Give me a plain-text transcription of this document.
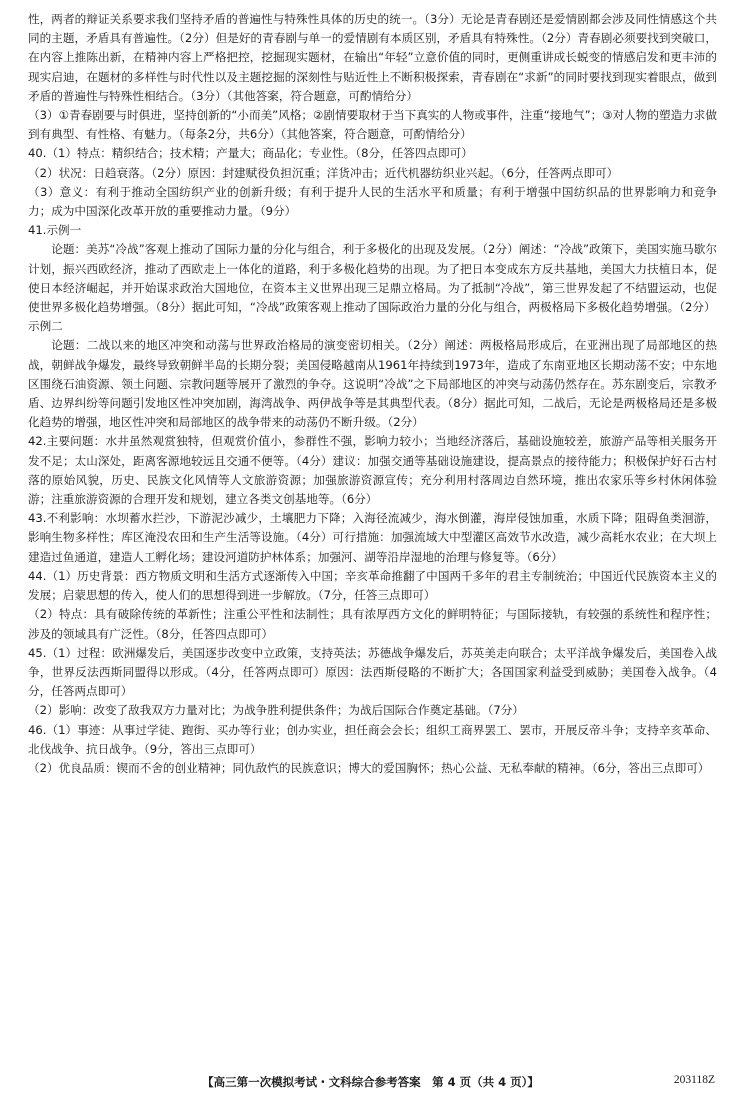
性，两者的辩证关系要求我们坚持矛盾的普遍性与特殊性具体的历史的统一。（3分）无论是青春剧还是爱情剧都会涉及同性情感这个共同的主题，矛盾具有普遍性。（2分）但是好的青春剧与单一的爱情剧有本质区别，矛盾具有特殊性。（2分）青春剧必须要找到突破口，在内容上推陈出新，在精神内容上严格把控，挖掘现实题材，在输出“年轻”立意价值的同时，更侧重讲成长蜕变的情感启发和更丰沛的现实启迪，在题材的多样性与时代性以及主题挖掘的深刻性与贴近性上不断积极探索，青春剧在“求新”的同时要找到现实着眼点，做到矛盾的普遍性与特殊性相结合。（3分）（其他答案，符合题意，可酌情给分）

（3）①青春剧要与时俱进，坚持创新的“小而美”风格；②剧情要取材于当下真实的人物或事件，注重“接地气”；③对人物的塑造力求做到有典型、有性格、有魅力。（每条2分，共6分）（其他答案，符合题意，可酌情给分）

40.（1）特点：精织结合；技术精；产量大；商品化；专业性。（8分，任答四点即可）

（2）状况：日趋衰落。（2分）原因：封建赋役负担沉重；洋货冲击；近代机器纺织业兴起。（6分，任答两点即可）

（3）意义：有利于推动全国纺织产业的创新升级；有利于提升人民的生活水平和质量；有利于增强中国纺织品的世界影响力和竞争力；成为中国深化改革开放的重要推动力量。（9分）

41.示例一

论题：美苏“冷战”客观上推动了国际力量的分化与组合，利于多极化的出现及发展。（2分）阐述：“冷战”政策下，美国实施马歇尔计划，振兴西欧经济，推动了西欧走上一体化的道路，利于多极化趋势的出现。为了把日本变成东方反共基地，美国大力扶植日本，促使日本经济崛起，并开始谋求政治大国地位，在资本主义世界出现三足鼎立格局。为了抵制“冷战”，第三世界发起了不结盟运动，也促使世界多极化趋势增强。（8分）据此可知，“冷战”政策客观上推动了国际政治力量的分化与组合，两极格局下多极化趋势增强。（2分）

示例二

论题：二战以来的地区冲突和动荡与世界政治格局的演变密切相关。（2分）阐述：两极格局形成后，在亚洲出现了局部地区的热战，朝鲜战争爆发，最终导致朝鲜半岛的长期分裂；美国侵略越南从1961年持续到1973年，造成了东南亚地区长期动荡不安；中东地区围绕石油资源、领土问题、宗教问题等展开了激烈的争夺。这说明“冷战”之下局部地区的冲突与动荡仍然存在。苏东剧变后，宗教矛盾、边界纠纷等问题引发地区性冲突加剧，海湾战争、两伊战争等是其典型代表。（8分）据此可知，二战后，无论是两极格局还是多极化趋势的增强，地区性冲突和局部地区的战争带来的动荡仍不断升级。（2分）

42.主要问题：水井虽然观赏独特，但观赏价值小，参群性不强，影响力较小；当地经济落后，基础设施较差，旅游产品等相关服务开发不足；太山深处，距离客源地较远且交通不便等。（4分）建议：加强交通等基础设施建设，提高景点的接待能力；积极保护好石古村落的原始风貌，历史、民族文化风情等人文旅游资源；加强旅游资源宣传；充分利用村落周边自然环境，推出农家乐等乡村休闲体验游；注重旅游资源的合理开发和规划，建立各类文创基地等。（6分）

43.不利影响：水坝蓄水拦沙，下游泥沙减少，土壤肥力下降；入海径流减少，海水倒灌，海岸侵蚀加重，水质下降；阻碍鱼类洄游，影响生物多样性；库区淹没农田和生产生活等设施。（4分）可行措施：加强流域大中型灌区高效节水改造，减少高耗水农业；在大坝上建造过鱼通道，建造人工孵化场；建设河道防护林体系；加强河、湖等沿岸湿地的治理与修复等。（6分）

44.（1）历史背景：西方物质文明和生活方式逐渐传入中国；辛亥革命推翻了中国两千多年的君主专制统治；中国近代民族资本主义的发展；启蒙思想的传入，使人们的思想得到进一步解放。（7分，任答三点即可）

（2）特点：具有破除传统的革新性；注重公平性和法制性；具有浓厚西方文化的鲜明特征；与国际接轨，有较强的系统性和程序性；涉及的领域具有广泛性。（8分，任答四点即可）

45.（1）过程：欧洲爆发后，美国逐步改变中立政策，支持英法；苏德战争爆发后，苏英美走向联合；太平洋战争爆发后，美国卷入战争，世界反法西斯同盟得以形成。（4分，任答两点即可）原因：法西斯侵略的不断扩大；各国国家利益受到威胁；美国卷入战争。（4分，任答两点即可）

（2）影响：改变了敌我双方力量对比；为战争胜利提供条件；为战后国际合作奠定基础。（7分）

46.（1）事迹：从事过学徒、跑街、买办等行业；创办实业，担任商会会长；组织工商界罢工、罢市，开展反帝斗争；支持辛亥革命、北伐战争、抗日战争。（9分，答出三点即可）

（2）优良品质：锲而不舍的创业精神；同仇敌忾的民族意识；博大的爱国胸怀；热心公益、无私奉献的精神。（6分，答出三点即可）

【高三第一次模拟考试・文科综合参考答案　第 4 页（共 4 页）】	203118Z
